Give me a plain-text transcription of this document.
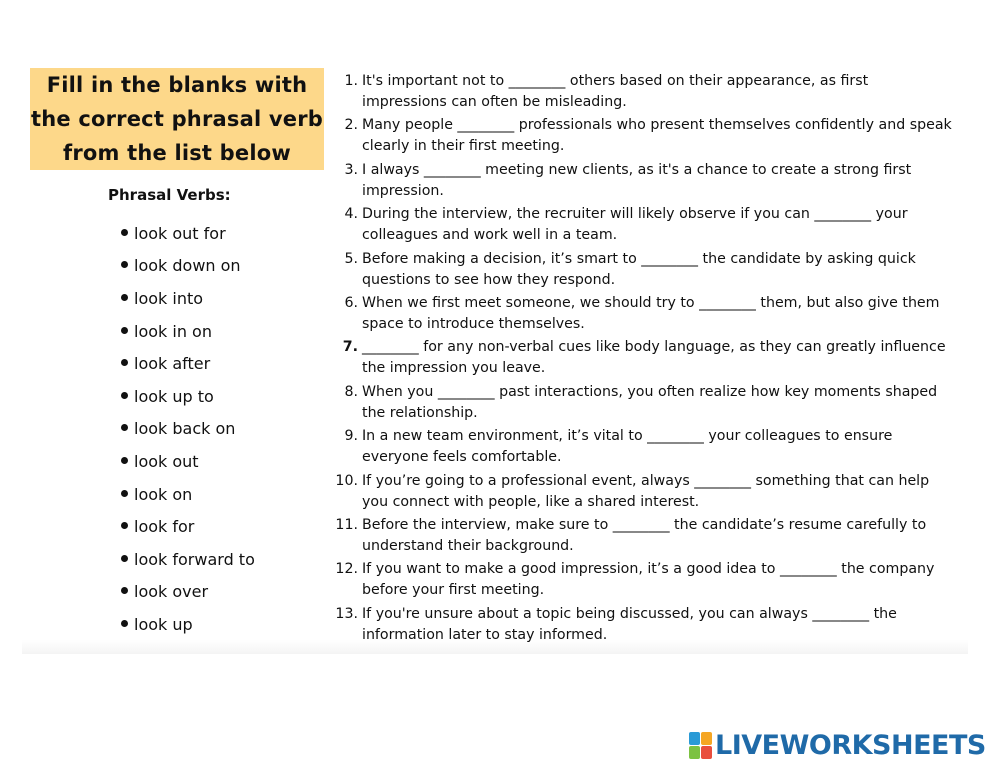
Fill in the blanks with
the correct phrasal verb
from the list below
Phrasal Verbs:
look out for
look down on
look into
look in on
look after
look up to
look back on
look out
look on
look for
look forward to
look over
look up
1. It's important not to ________ others based on their appearance, as first
impressions can often be misleading.
2. Many people ________ professionals who present themselves confidently and speak
clearly in their first meeting.
3. I always ________ meeting new clients, as it's a chance to create a strong first
impression.
4. During the interview, the recruiter will likely observe if you can ________ your
colleagues and work well in a team.
5. Before making a decision, it’s smart to ________ the candidate by asking quick
questions to see how they respond.
6. When we first meet someone, we should try to ________ them, but also give them
space to introduce themselves.
7. ________ for any non-verbal cues like body language, as they can greatly influence
the impression you leave.
8. When you ________ past interactions, you often realize how key moments shaped
the relationship.
9. In a new team environment, it’s vital to ________ your colleagues to ensure
everyone feels comfortable.
10. If you’re going to a professional event, always ________ something that can help
you connect with people, like a shared interest.
11. Before the interview, make sure to ________ the candidate’s resume carefully to
understand their background.
12. If you want to make a good impression, it’s a good idea to ________ the company
before your first meeting.
13. If you're unsure about a topic being discussed, you can always ________ the
information later to stay informed.
LIVEWORKSHEETS
